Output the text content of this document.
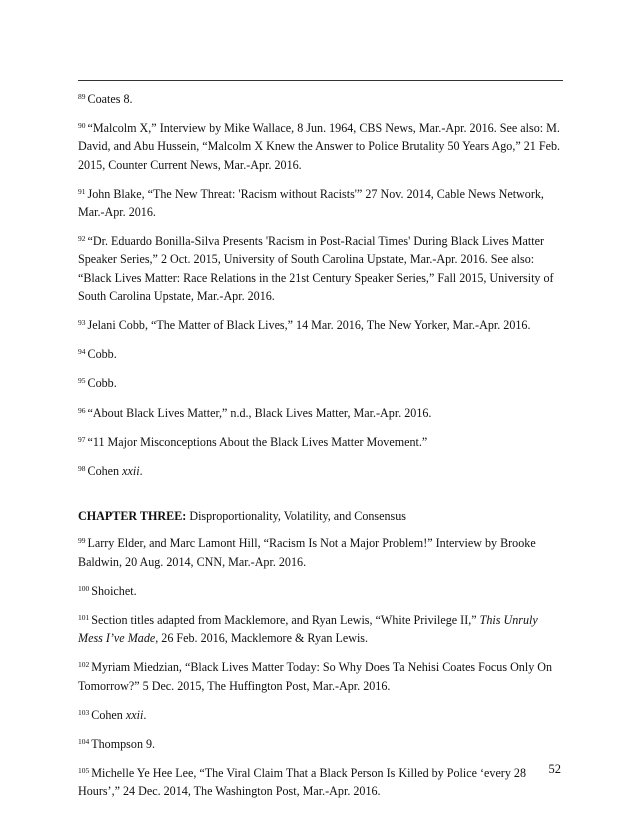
$^{89}$ Coates 8.

$^{90}$ “Malcolm X,” Interview by Mike Wallace, 8 Jun. 1964, CBS News, Mar.-Apr. 2016. See also: M. David, and Abu Hussein, “Malcolm X Knew the Answer to Police Brutality 50 Years Ago,” 21 Feb. 2015, Counter Current News, Mar.-Apr. 2016.

$^{91}$ John Blake, “The New Threat: 'Racism without Racists'” 27 Nov. 2014, Cable News Network, Mar.-Apr. 2016.

$^{92}$ “Dr. Eduardo Bonilla-Silva Presents 'Racism in Post-Racial Times' During Black Lives Matter Speaker Series,” 2 Oct. 2015, University of South Carolina Upstate, Mar.-Apr. 2016. See also: “Black Lives Matter: Race Relations in the 21st Century Speaker Series,” Fall 2015, University of South Carolina Upstate, Mar.-Apr. 2016.

$^{93}$ Jelani Cobb, “The Matter of Black Lives,” 14 Mar. 2016, The New Yorker, Mar.-Apr. 2016.

$^{94}$ Cobb.

$^{95}$ Cobb.

$^{96}$ “About Black Lives Matter,” n.d., Black Lives Matter, Mar.-Apr. 2016.

$^{97}$ “11 Major Misconceptions About the Black Lives Matter Movement.”

$^{98}$ Cohen xxii.

CHAPTER THREE: Disproportionality, Volatility, and Consensus

$^{99}$ Larry Elder, and Marc Lamont Hill, “Racism Is Not a Major Problem!” Interview by Brooke Baldwin, 20 Aug. 2014, CNN, Mar.-Apr. 2016.

$^{100}$ Shoichet.

$^{101}$ Section titles adapted from Macklemore, and Ryan Lewis, “White Privilege II,” This Unruly Mess I’ve Made, 26 Feb. 2016, Macklemore & Ryan Lewis.

$^{102}$ Myriam Miedzian, “Black Lives Matter Today: So Why Does Ta Nehisi Coates Focus Only On Tomorrow?” 5 Dec. 2015, The Huffington Post, Mar.-Apr. 2016.

$^{103}$ Cohen xxii.

$^{104}$ Thompson 9.

$^{105}$ Michelle Ye Hee Lee, “The Viral Claim That a Black Person Is Killed by Police ‘every 28 Hours’,” 24 Dec. 2014, The Washington Post, Mar.-Apr. 2016.

52
